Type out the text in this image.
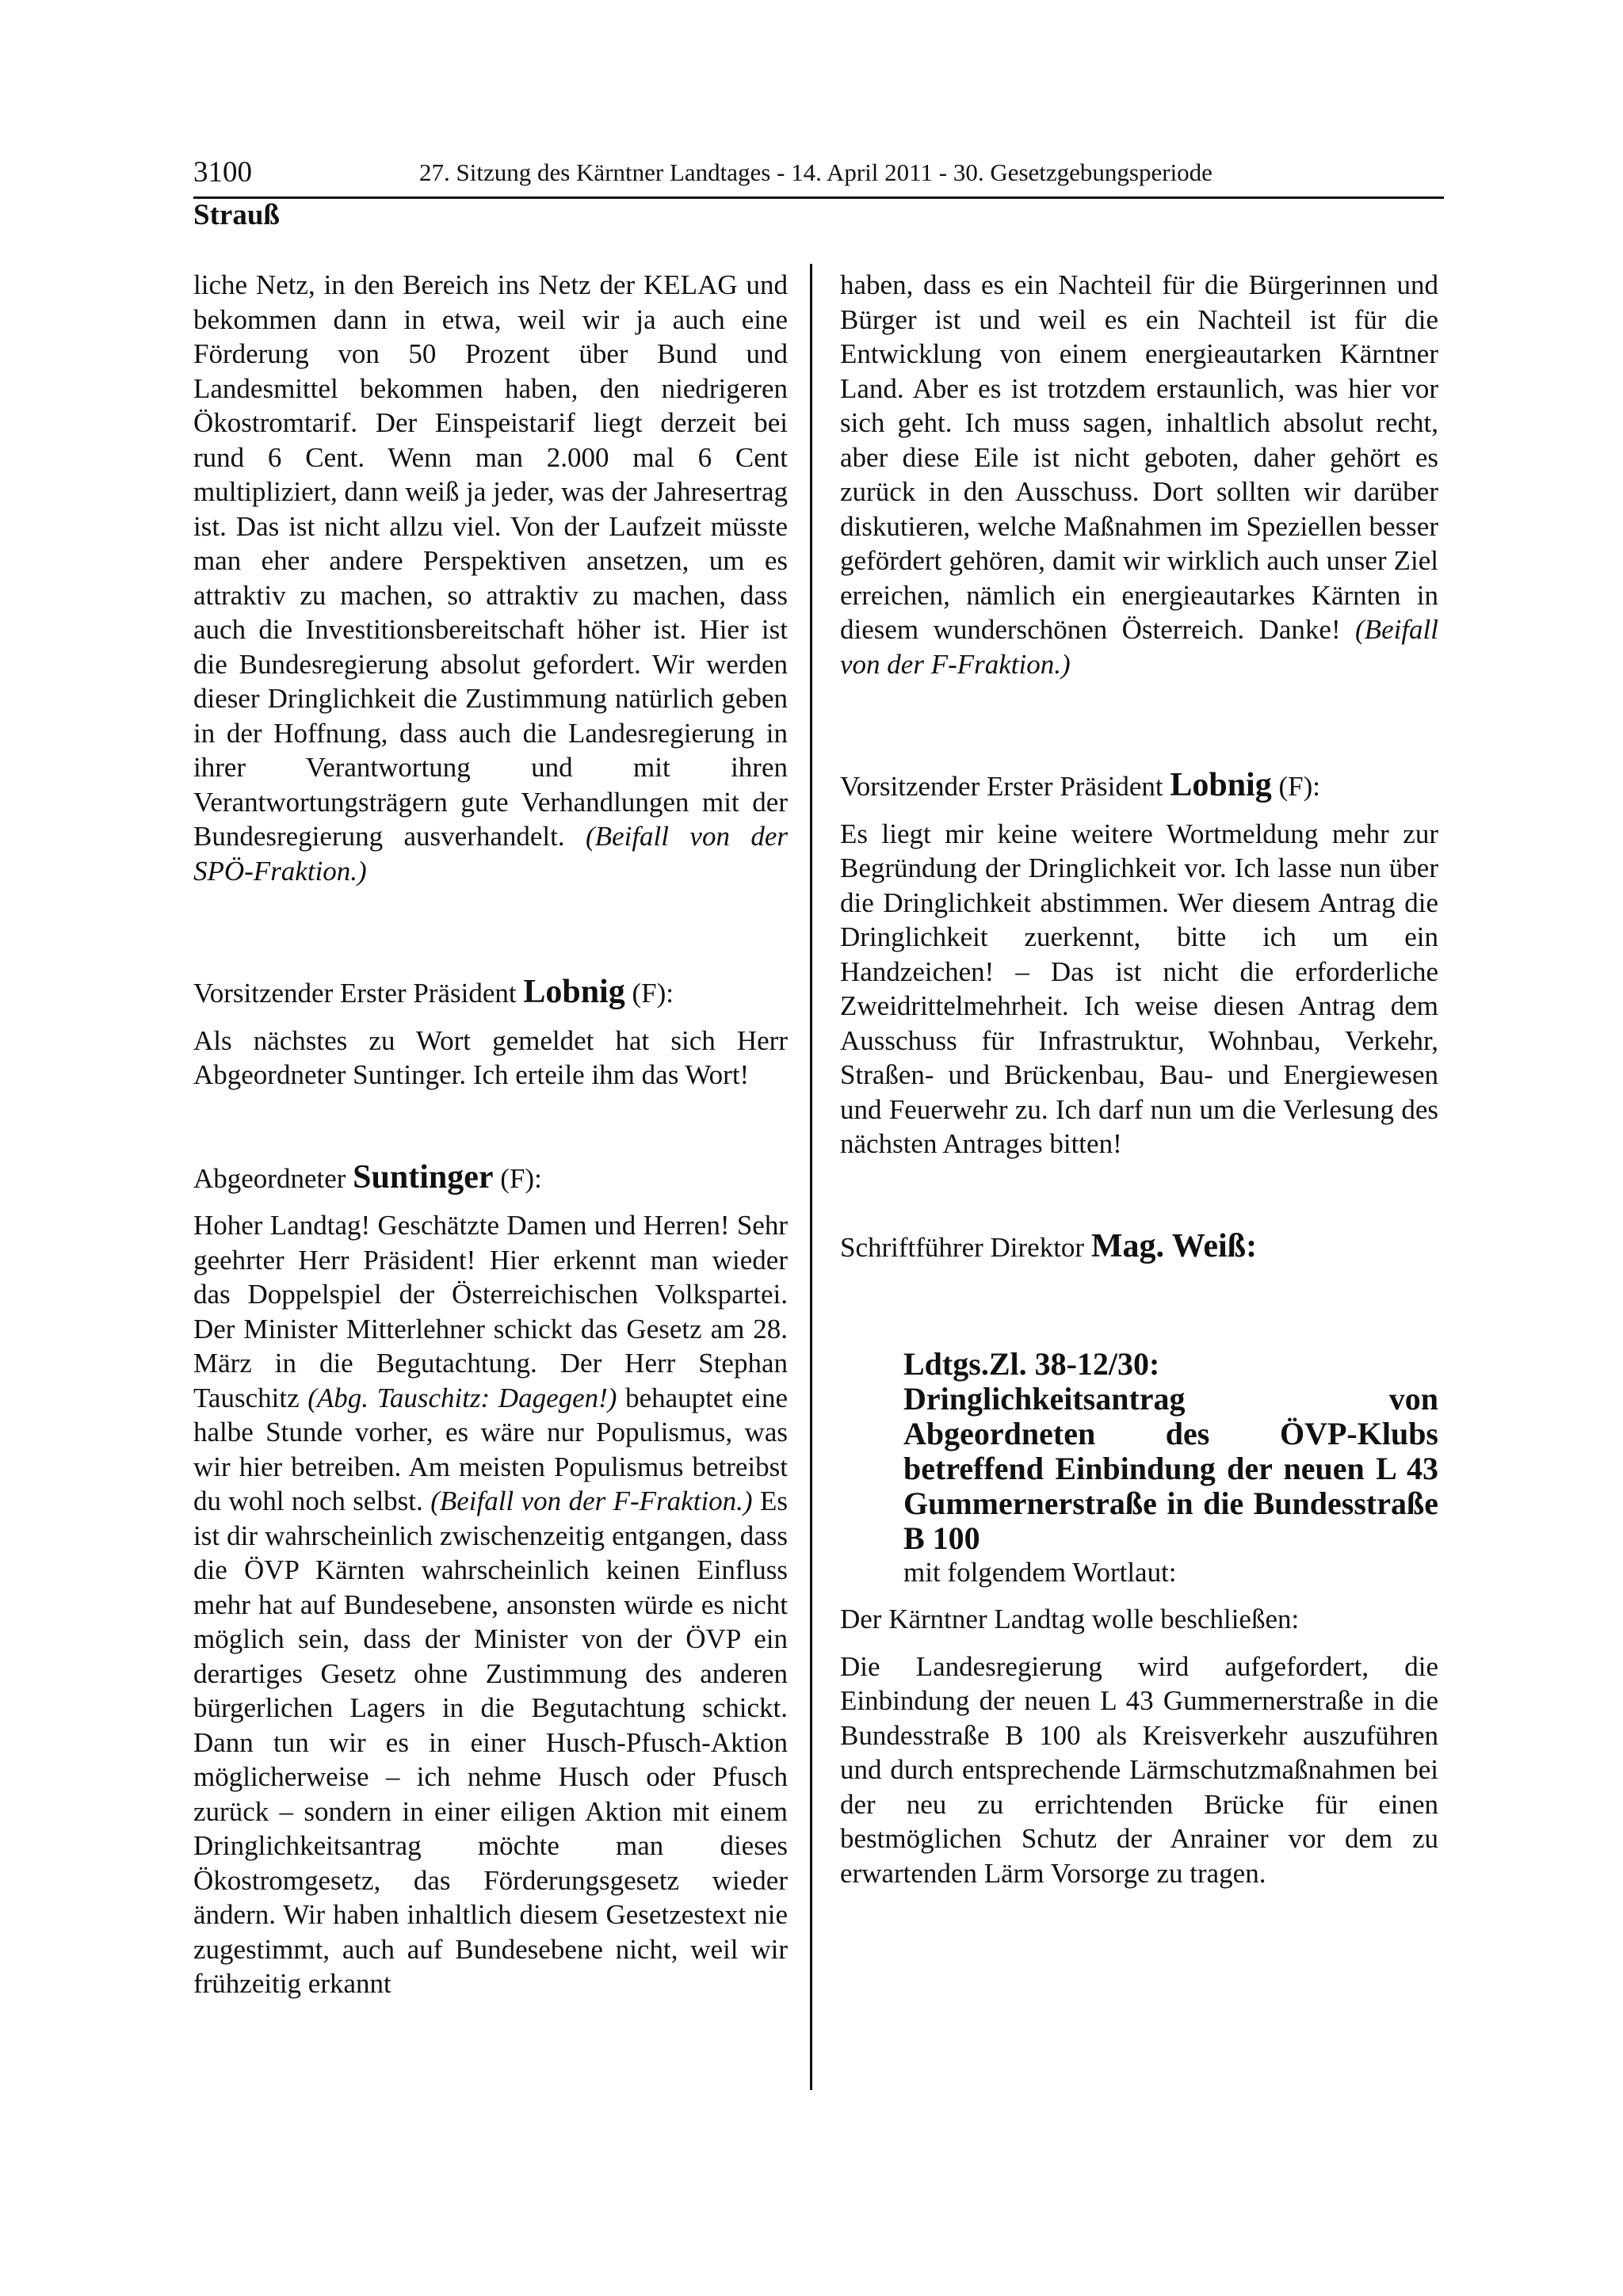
3100	27. Sitzung des Kärntner Landtages - 14. April 2011 - 30. Gesetzgebungsperiode
Strauß

liche Netz, in den Bereich ins Netz der KELAG und bekommen dann in etwa, weil wir ja auch eine Förderung von 50 Prozent über Bund und Landesmittel bekommen haben, den niedrigeren Ökostromtarif. Der Einspeistarif liegt derzeit bei rund 6 Cent. Wenn man 2.000 mal 6 Cent multipliziert, dann weiß ja jeder, was der Jahresertrag ist. Das ist nicht allzu viel. Von der Laufzeit müsste man eher andere Perspektiven ansetzen, um es attraktiv zu machen, so attraktiv zu machen, dass auch die Investitionsbereitschaft höher ist. Hier ist die Bundesregierung absolut gefordert. Wir werden dieser Dringlichkeit die Zustimmung natürlich geben in der Hoffnung, dass auch die Landesregierung in ihrer Verantwortung und mit ihren Verantwortungsträgern gute Verhandlungen mit der Bundesregierung ausverhandelt. (Beifall von der SPÖ-Fraktion.)

Vorsitzender Erster Präsident Lobnig (F):

Als nächstes zu Wort gemeldet hat sich Herr Abgeordneter Suntinger. Ich erteile ihm das Wort!

Abgeordneter Suntinger (F):

Hoher Landtag! Geschätzte Damen und Herren! Sehr geehrter Herr Präsident! Hier erkennt man wieder das Doppelspiel der Österreichischen Volkspartei. Der Minister Mitterlehner schickt das Gesetz am 28. März in die Begutachtung. Der Herr Stephan Tauschitz (Abg. Tauschitz: Dagegen!) behauptet eine halbe Stunde vorher, es wäre nur Populismus, was wir hier betreiben. Am meisten Populismus betreibst du wohl noch selbst. (Beifall von der F-Fraktion.) Es ist dir wahrscheinlich zwischenzeitig entgangen, dass die ÖVP Kärnten wahrscheinlich keinen Einfluss mehr hat auf Bundesebene, ansonsten würde es nicht möglich sein, dass der Minister von der ÖVP ein derartiges Gesetz ohne Zustimmung des anderen bürgerlichen Lagers in die Begutachtung schickt. Dann tun wir es in einer Husch-Pfusch-Aktion möglicherweise – ich nehme Husch oder Pfusch zurück – sondern in einer eiligen Aktion mit einem Dringlichkeitsantrag möchte man dieses Ökostromgesetz, das Förderungsgesetz wieder ändern. Wir haben inhaltlich diesem Gesetzestext nie zugestimmt, auch auf Bundesebene nicht, weil wir frühzeitig erkannt

haben, dass es ein Nachteil für die Bürgerinnen und Bürger ist und weil es ein Nachteil ist für die Entwicklung von einem energieautarken Kärntner Land. Aber es ist trotzdem erstaunlich, was hier vor sich geht. Ich muss sagen, inhaltlich absolut recht, aber diese Eile ist nicht geboten, daher gehört es zurück in den Ausschuss. Dort sollten wir darüber diskutieren, welche Maßnahmen im Speziellen besser gefördert gehören, damit wir wirklich auch unser Ziel erreichen, nämlich ein energieautarkes Kärnten in diesem wunderschönen Österreich. Danke! (Beifall von der F-Fraktion.)

Vorsitzender Erster Präsident Lobnig (F):

Es liegt mir keine weitere Wortmeldung mehr zur Begründung der Dringlichkeit vor. Ich lasse nun über die Dringlichkeit abstimmen. Wer diesem Antrag die Dringlichkeit zuerkennt, bitte ich um ein Handzeichen! – Das ist nicht die erforderliche Zweidrittelmehrheit. Ich weise diesen Antrag dem Ausschuss für Infrastruktur, Wohnbau, Verkehr, Straßen- und Brückenbau, Bau- und Energiewesen und Feuerwehr zu. Ich darf nun um die Verlesung des nächsten Antrages bitten!

Schriftführer Direktor Mag. Weiß:

Ldtgs.Zl. 38-12/30:
Dringlichkeitsantrag von Abgeordneten des ÖVP-Klubs betreffend Einbindung der neuen L 43 Gummernerstraße in die Bundesstraße B 100
mit folgendem Wortlaut:

Der Kärntner Landtag wolle beschließen:

Die Landesregierung wird aufgefordert, die Einbindung der neuen L 43 Gummernerstraße in die Bundesstraße B 100 als Kreisverkehr auszuführen und durch entsprechende Lärmschutzmaßnahmen bei der neu zu errichtenden Brücke für einen bestmöglichen Schutz der Anrainer vor dem zu erwartenden Lärm Vorsorge zu tragen.
